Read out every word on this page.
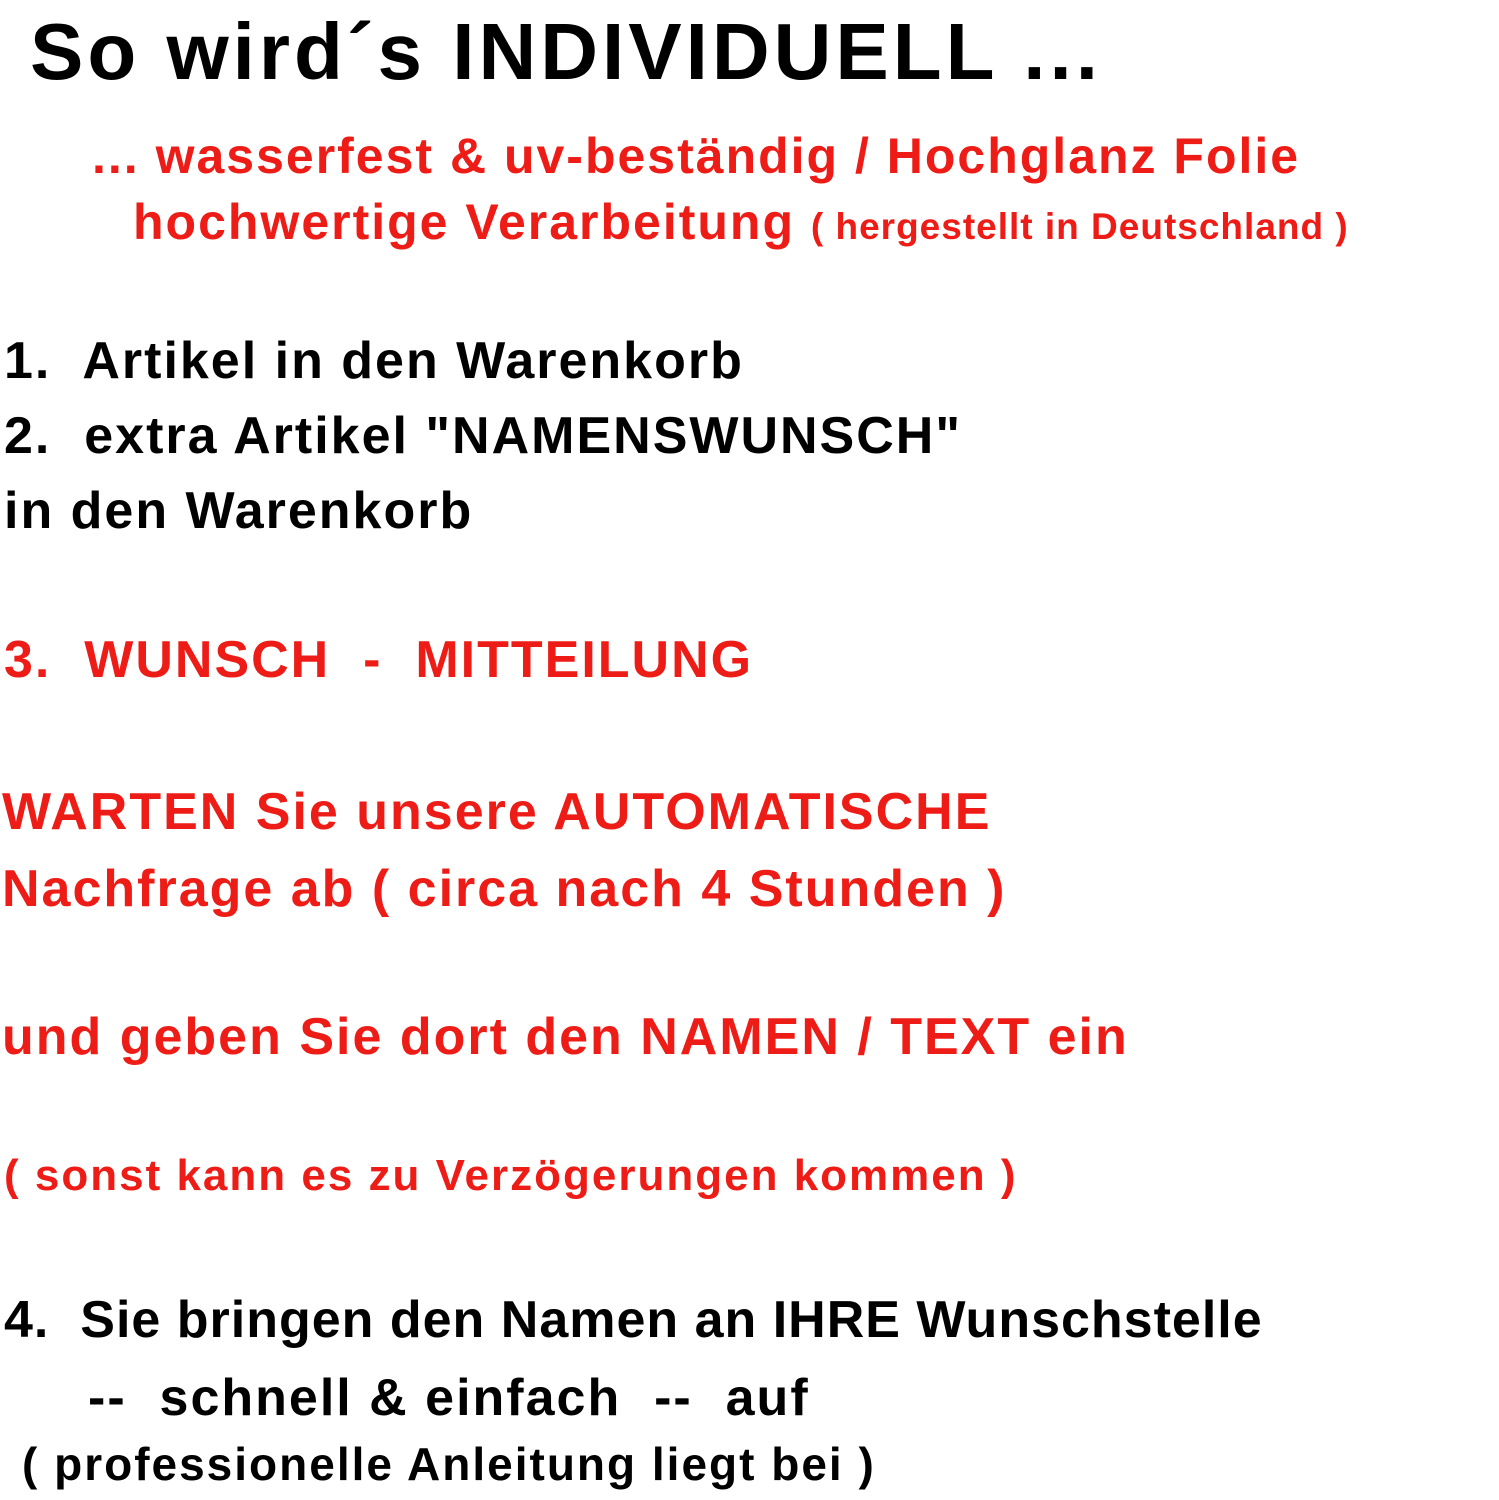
So wird´s INDIVIDUELL ...
... wasserfest & uv-beständig / Hochglanz Folie
hochwertige Verarbeitung ( hergestellt in Deutschland )
1.  Artikel in den Warenkorb
2.  extra Artikel "NAMENSWUNSCH"
in den Warenkorb
3.  WUNSCH  -  MITTEILUNG
WARTEN Sie unsere AUTOMATISCHE
Nachfrage ab ( circa nach 4 Stunden )
und geben Sie dort den NAMEN / TEXT ein
( sonst kann es zu Verzögerungen kommen )
4.  Sie bringen den Namen an IHRE Wunschstelle
--  schnell & einfach  --  auf
( professionelle Anleitung liegt bei )
